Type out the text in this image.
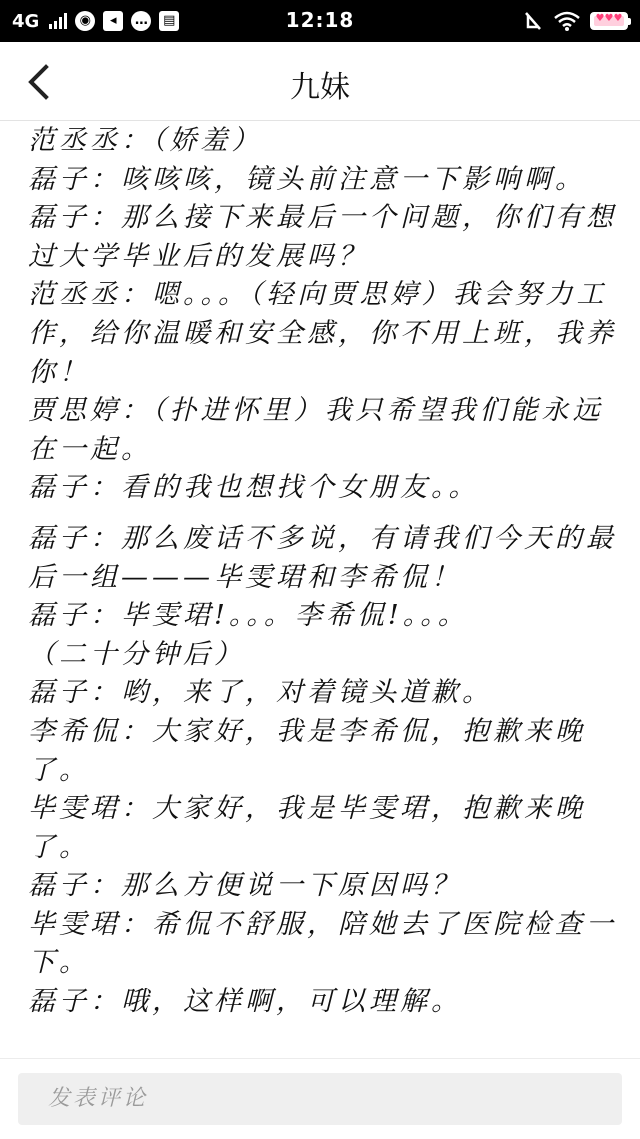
4G	◉	◂	… ▤	12:18	♥♥♥
九妹

范丞丞：（娇羞）

磊子：咳咳咳，镜头前注意一下影响啊。

磊子：那么接下来最后一个问题，你们有想过大学毕业后的发展吗？

范丞丞：嗯。。。（轻向贾思婷）我会努力工作，给你温暖和安全感，你不用上班，我养你！

贾思婷：（扑进怀里）我只希望我们能永远在一起。

磊子：看的我也想找个女朋友。。

磊子：那么废话不多说，有请我们今天的最后一组———毕雯珺和李希侃！

磊子：毕雯珺!。。。李希侃!。。。

（二十分钟后）

磊子：哟，来了，对着镜头道歉。

李希侃：大家好，我是李希侃，抱歉来晚了。

毕雯珺：大家好，我是毕雯珺，抱歉来晚了。

磊子：那么方便说一下原因吗？

毕雯珺：希侃不舒服，陪她去了医院检查一下。

磊子：哦，这样啊，可以理解。

发表评论
